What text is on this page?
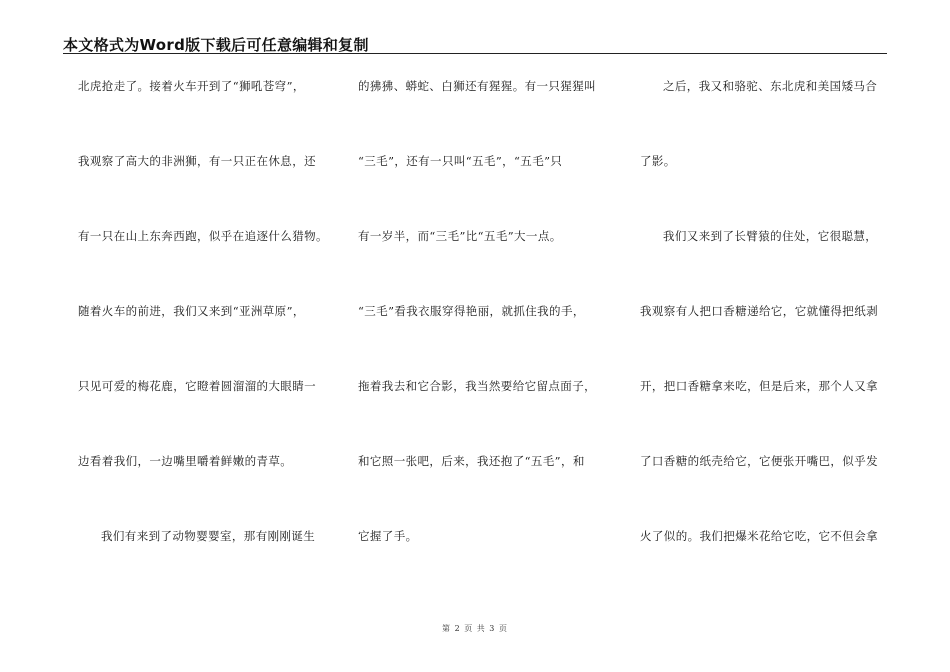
本文格式为Word版下载后可任意编辑和复制

北虎抢走了。接着火车开到了“狮吼苍穹”，

我观察了高大的非洲狮，有一只正在休息，还

有一只在山上东奔西跑，似乎在追逐什么猎物。

随着火车的前进，我们又来到“亚洲草原”，

只见可爱的梅花鹿，它瞪着圆溜溜的大眼睛一

边看着我们，一边嘴里嚼着鲜嫩的青草。

我们有来到了动物婴婴室，那有刚刚诞生

的狒狒、蟒蛇、白狮还有猩猩。有一只猩猩叫

“三毛”，还有一只叫“五毛”，“五毛”只

有一岁半，而“三毛”比“五毛”大一点。

“三毛”看我衣服穿得艳丽，就抓住我的手，

拖着我去和它合影，我当然要给它留点面子，

和它照一张吧，后来，我还抱了“五毛”，和

它握了手。

之后，我又和骆驼、东北虎和美国矮马合

了影。

我们又来到了长臂猿的住处，它很聪慧，

我观察有人把口香糖递给它，它就懂得把纸剥

开，把口香糖拿来吃，但是后来，那个人又拿

了口香糖的纸壳给它，它便张开嘴巴，似乎发

火了似的。我们把爆米花给它吃，它不但会拿

第 2 页 共 3 页
